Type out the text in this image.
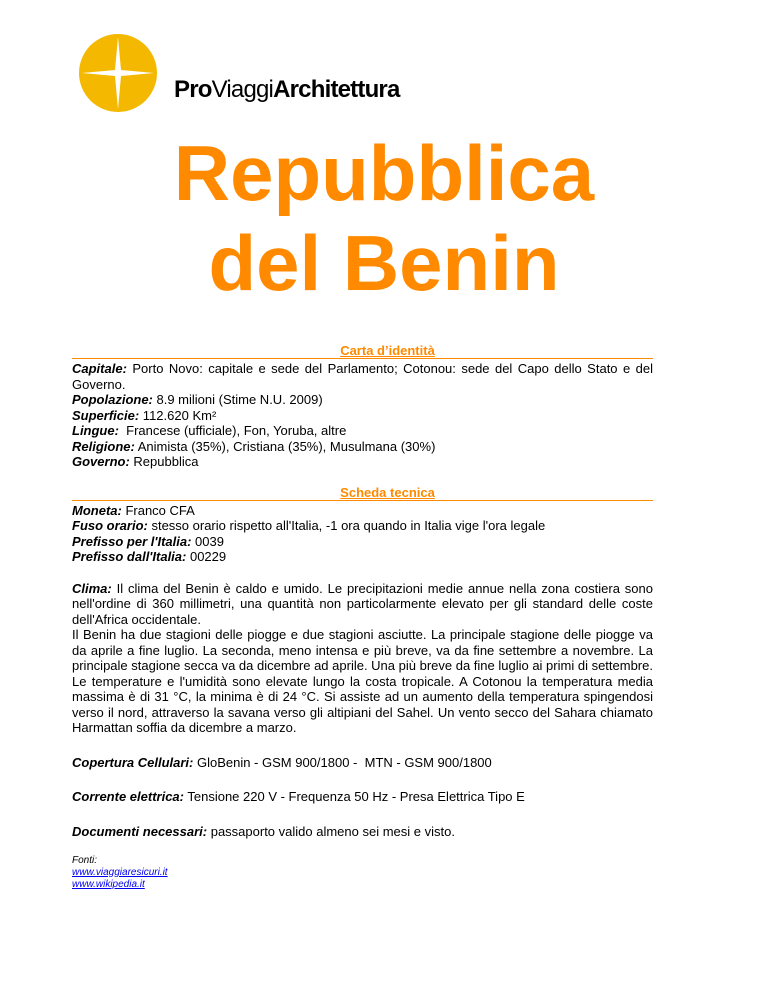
ProViaggiArchitettura
Repubblica
del Benin
Carta d’identità
Capitale: Porto Novo: capitale e sede del Parlamento; Cotonou: sede del Capo dello Stato e del Governo.
Popolazione: 8.9 milioni (Stime N.U. 2009)
Superficie: 112.620 Km²
Lingue:  Francese (ufficiale), Fon, Yoruba, altre
Religione: Animista (35%), Cristiana (35%), Musulmana (30%)
Governo: Repubblica
Scheda tecnica
Moneta: Franco CFA
Fuso orario: stesso orario rispetto all'Italia, -1 ora quando in Italia vige l'ora legale
Prefisso per l'Italia: 0039
Prefisso dall'Italia: 00229
Clima: Il clima del Benin è caldo e umido. Le precipitazioni medie annue nella zona costiera sono nell'ordine di 360 millimetri, una quantità non particolarmente elevato per gli standard delle coste dell'Africa occidentale.
Il Benin ha due stagioni delle piogge e due stagioni asciutte. La principale stagione delle piogge va da aprile a fine luglio. La seconda, meno intensa e più breve, va da fine settembre a novembre. La principale stagione secca va da dicembre ad aprile. Una più breve da fine luglio ai primi di settembre.
Le temperature e l'umidità sono elevate lungo la costa tropicale. A Cotonou la temperatura media massima è di 31 °C, la minima è di 24 °C. Si assiste ad un aumento della temperatura spingendosi verso il nord, attraverso la savana verso gli altipiani del Sahel. Un vento secco del Sahara chiamato Harmattan soffia da dicembre a marzo.
Copertura Cellulari: GloBenin - GSM 900/1800 -  MTN - GSM 900/1800
Corrente elettrica: Tensione 220 V - Frequenza 50 Hz - Presa Elettrica Tipo E
Documenti necessari: passaporto valido almeno sei mesi e visto.
Fonti:
www.viaggiaresicuri.it
www.wikipedia.it
